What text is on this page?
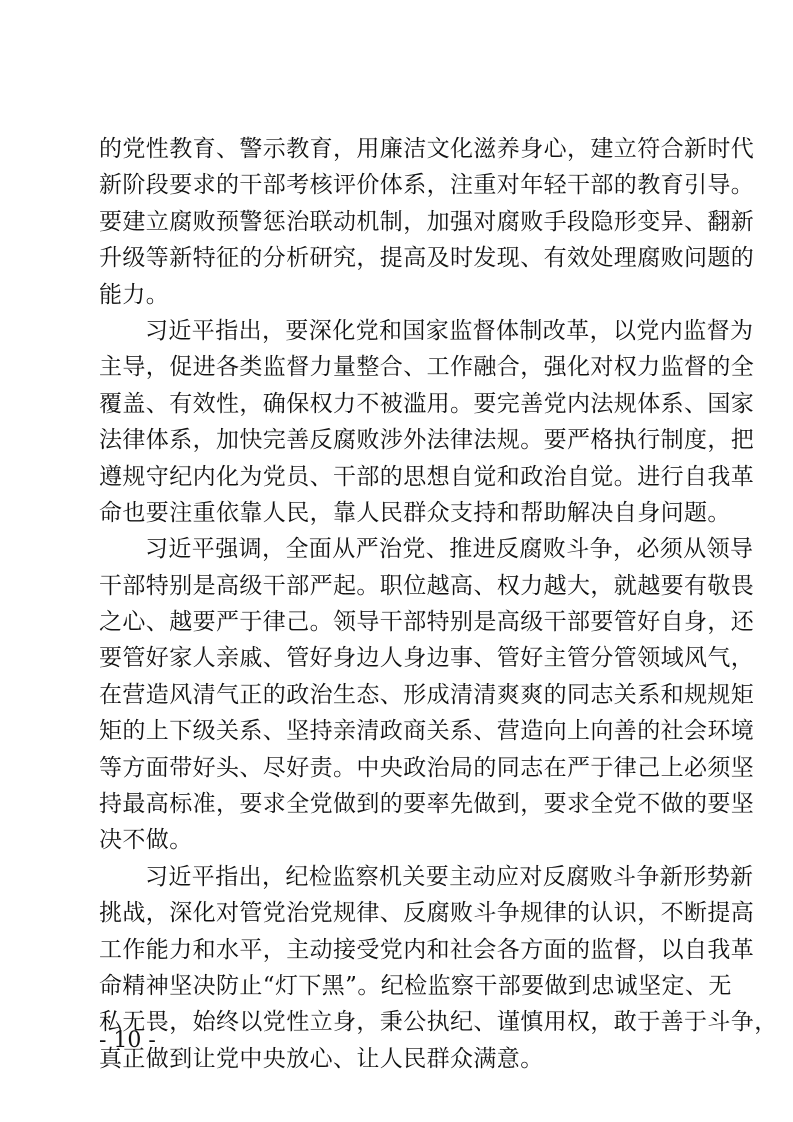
的党性教育、警示教育，用廉洁文化滋养身心，建立符合新时代
新阶段要求的干部考核评价体系，注重对年轻干部的教育引导。
要建立腐败预警惩治联动机制，加强对腐败手段隐形变异、翻新
升级等新特征的分析研究，提高及时发现、有效处理腐败问题的
能力。
习近平指出，要深化党和国家监督体制改革，以党内监督为
主导，促进各类监督力量整合、工作融合，强化对权力监督的全
覆盖、有效性，确保权力不被滥用。要完善党内法规体系、国家
法律体系，加快完善反腐败涉外法律法规。要严格执行制度，把
遵规守纪内化为党员、干部的思想自觉和政治自觉。进行自我革
命也要注重依靠人民，靠人民群众支持和帮助解决自身问题。
习近平强调，全面从严治党、推进反腐败斗争，必须从领导
干部特别是高级干部严起。职位越高、权力越大，就越要有敬畏
之心、越要严于律己。领导干部特别是高级干部要管好自身，还
要管好家人亲戚、管好身边人身边事、管好主管分管领域风气，
在营造风清气正的政治生态、形成清清爽爽的同志关系和规规矩
矩的上下级关系、坚持亲清政商关系、营造向上向善的社会环境
等方面带好头、尽好责。中央政治局的同志在严于律己上必须坚
持最高标准，要求全党做到的要率先做到，要求全党不做的要坚
决不做。
习近平指出，纪检监察机关要主动应对反腐败斗争新形势新
挑战，深化对管党治党规律、反腐败斗争规律的认识，不断提高
工作能力和水平，主动接受党内和社会各方面的监督，以自我革
命精神坚决防止“灯下黑”。纪检监察干部要做到忠诚坚定、无
私无畏，始终以党性立身，秉公执纪、谨慎用权，敢于善于斗争，
真正做到让党中央放心、让人民群众满意。
- 10 -
